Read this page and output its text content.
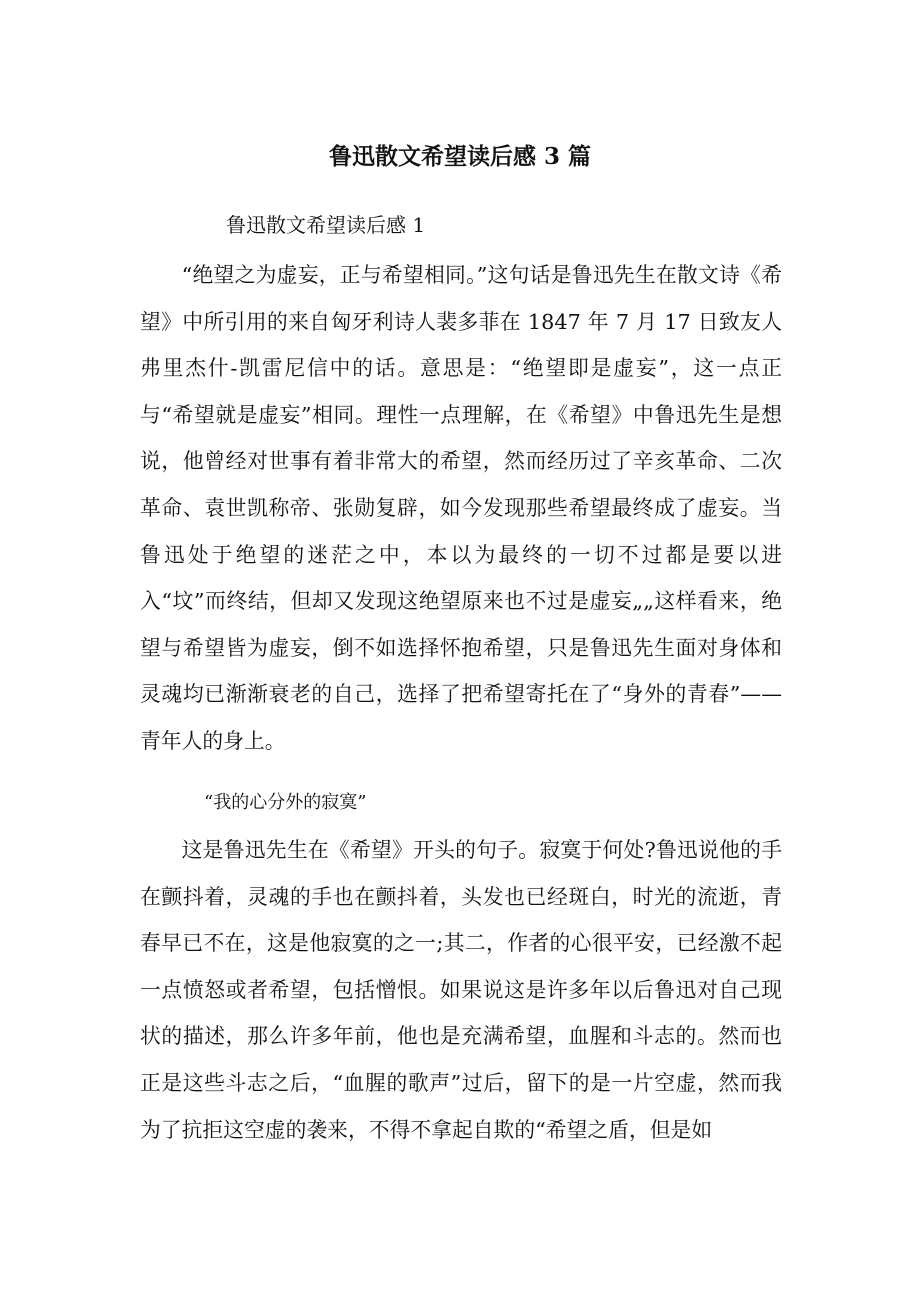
鲁迅散文希望读后感 3 篇

鲁迅散文希望读后感 1

“绝望之为虚妄，正与希望相同。”这句话是鲁迅先生在散文诗《希望》中所引用的来自匈牙利诗人裴多菲在 1847 年 7 月 17 日致友人弗里杰什-凯雷尼信中的话。意思是：“绝望即是虚妄”，这一点正与“希望就是虚妄”相同。理性一点理解，在《希望》中鲁迅先生是想说，他曾经对世事有着非常大的希望，然而经历过了辛亥革命、二次革命、袁世凯称帝、张勋复辟，如今发现那些希望最终成了虚妄。当鲁迅处于绝望的迷茫之中，本以为最终的一切不过都是要以进入“坟”而终结，但却又发现这绝望原来也不过是虚妄„„这样看来，绝望与希望皆为虚妄，倒不如选择怀抱希望，只是鲁迅先生面对身体和灵魂均已渐渐衰老的自己，选择了把希望寄托在了“身外的青春”——青年人的身上。

“我的心分外的寂寞”

这是鲁迅先生在《希望》开头的句子。寂寞于何处?鲁迅说他的手在颤抖着，灵魂的手也在颤抖着，头发也已经斑白，时光的流逝，青春早已不在，这是他寂寞的之一;其二，作者的心很平安，已经激不起一点愤怒或者希望，包括憎恨。如果说这是许多年以后鲁迅对自己现状的描述，那么许多年前，他也是充满希望，血腥和斗志的。然而也正是这些斗志之后，“血腥的歌声”过后，留下的是一片空虚，然而我为了抗拒这空虚的袭来，不得不拿起自欺的“希望之盾，但是如
